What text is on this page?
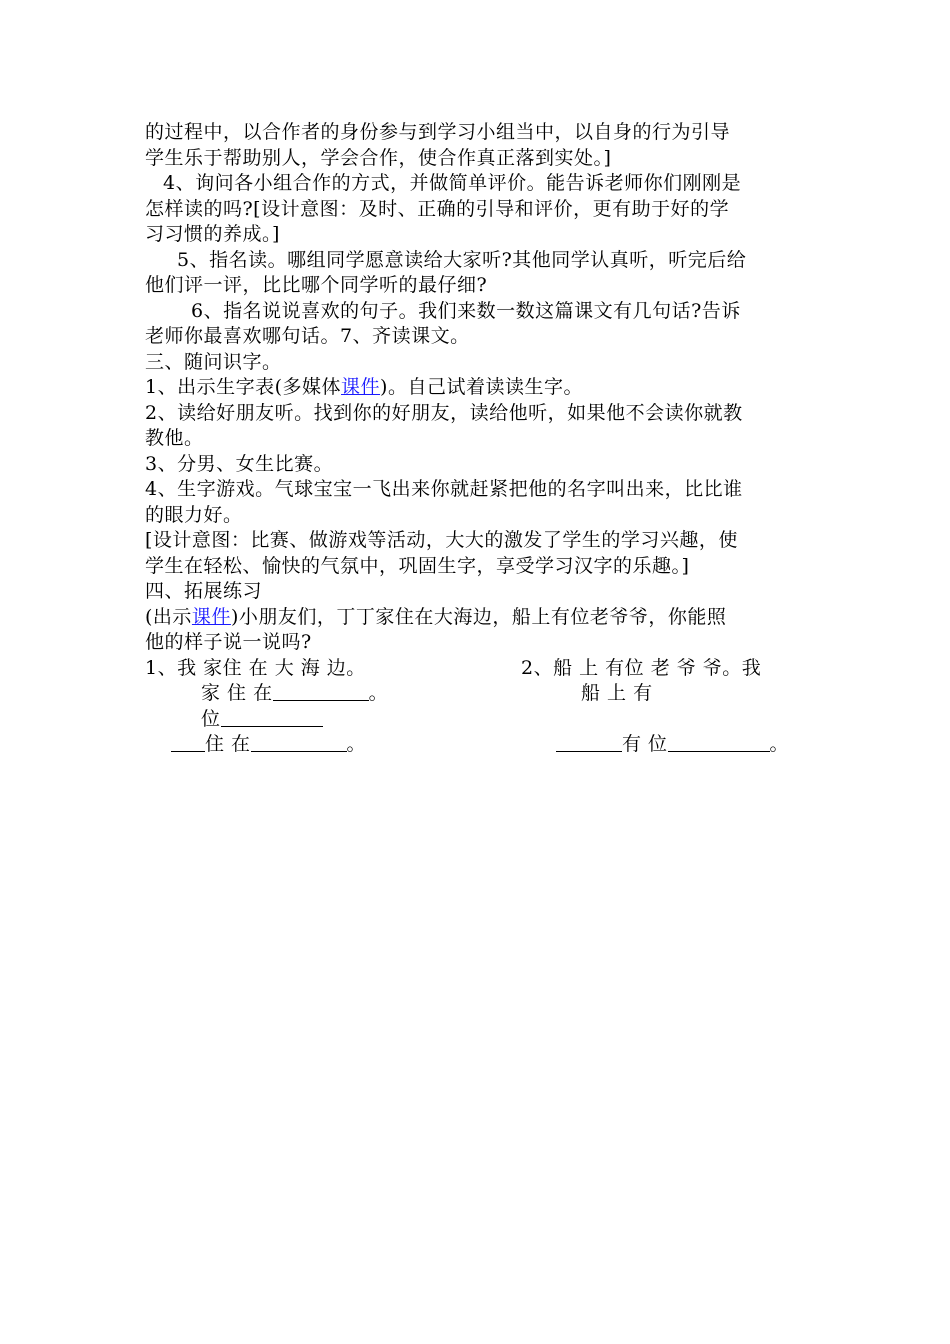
的过程中，以合作者的身份参与到学习小组当中，以自身的行为引导
学生乐于帮助别人，学会合作，使合作真正落到实处。]
4、询问各小组合作的方式，并做简单评价。能告诉老师你们刚刚是
怎样读的吗?[设计意图：及时、正确的引导和评价，更有助于好的学
习习惯的养成。]
5、指名读。哪组同学愿意读给大家听?其他同学认真听，听完后给
他们评一评，比比哪个同学听的最仔细?
6、指名说说喜欢的句子。我们来数一数这篇课文有几句话?告诉
老师你最喜欢哪句话。7、齐读课文。
三、随问识字。
1、出示生字表(多媒体课件)。自己试着读读生字。
2、读给好朋友听。找到你的好朋友，读给他听，如果他不会读你就教
教他。
3、分男、女生比赛。
4、生字游戏。气球宝宝一飞出来你就赶紧把他的名字叫出来，比比谁
的眼力好。
[设计意图：比赛、做游戏等活动，大大的激发了学生的学习兴趣，使
学生在轻松、愉快的气氛中，巩固生字，享受学习汉字的乐趣。]
四、拓展练习
(出示课件)小朋友们，丁丁家住在大海边，船上有位老爷爷，你能照
他的样子说一说吗?
1、我 家住 在 大 海 边。
家 住 在	。
位
住 在	。
2、船 上 有位 老 爷 爷。我
船 上 有
有 位	。
